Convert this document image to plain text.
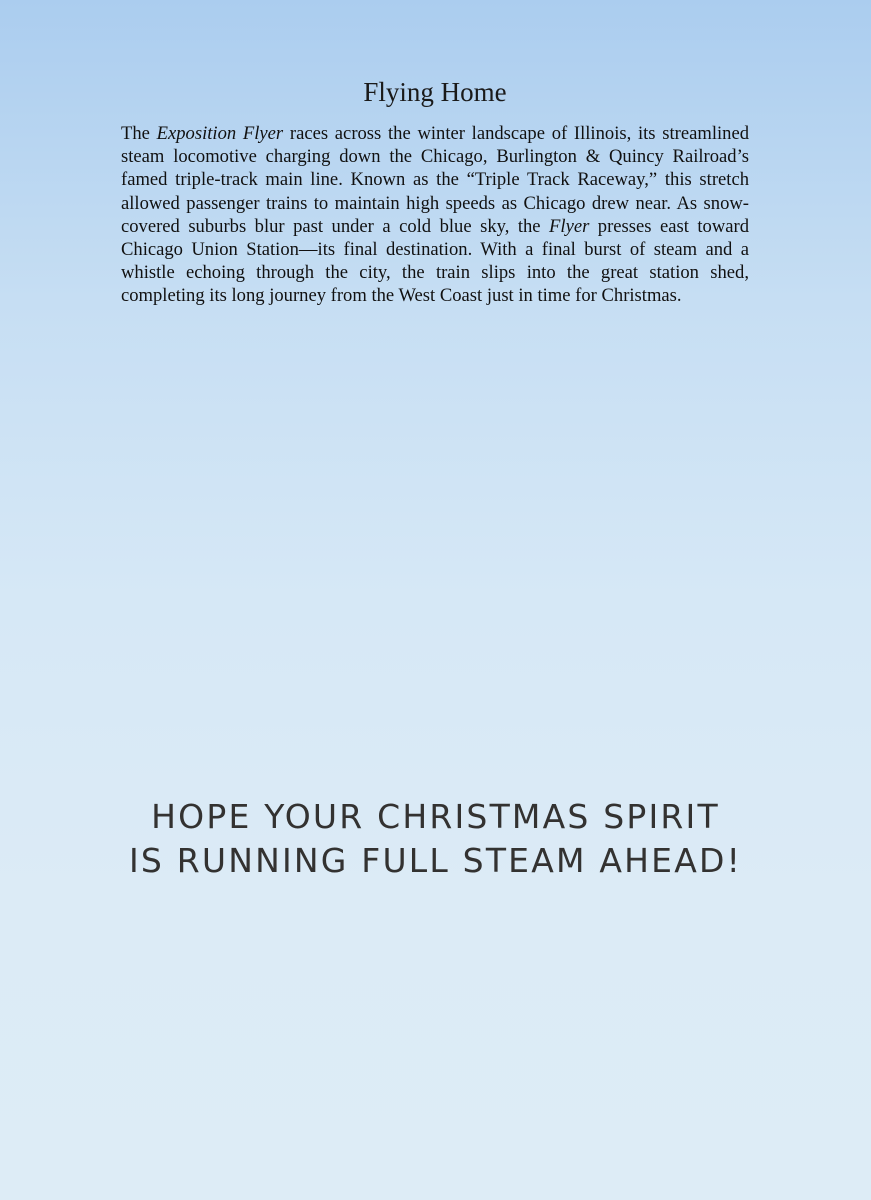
Flying Home

The Exposition Flyer races across the winter landscape of Illinois, its streamlined steam locomotive charging down the Chicago, Burlington & Quincy Railroad’s famed triple-track main line. Known as the “Triple Track Raceway,” this stretch allowed passenger trains to maintain high speeds as Chicago drew near. As snow-covered suburbs blur past under a cold blue sky, the Flyer presses east toward Chicago Union Station—its final destination. With a final burst of steam and a whistle echoing through the city, the train slips into the great station shed, completing its long journey from the West Coast just in time for Christmas.

HOPE YOUR CHRISTMAS SPIRIT
IS RUNNING FULL STEAM AHEAD!
